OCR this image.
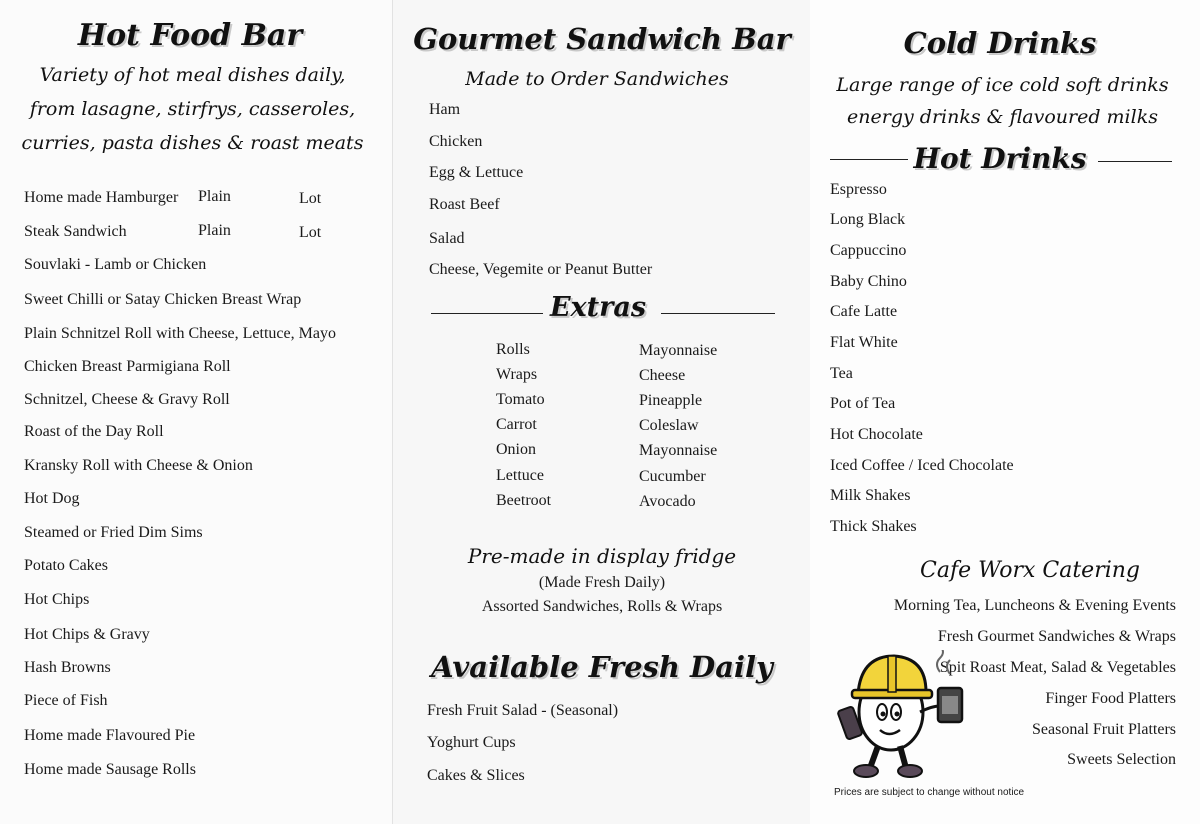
Hot Food Bar
Variety of hot meal dishes daily,
from lasagne, stirfrys, casseroles,
curries, pasta dishes & roast meats
Plain	Lot
Plain	Lot
Home made Hamburger
Steak Sandwich
Souvlaki - Lamb or Chicken
Sweet Chilli or Satay Chicken Breast Wrap
Plain Schnitzel Roll with Cheese, Lettuce, Mayo
Chicken Breast Parmigiana Roll
Schnitzel, Cheese & Gravy Roll
Roast of the Day Roll
Kransky Roll with Cheese & Onion
Hot Dog
Steamed or Fried Dim Sims
Potato Cakes
Hot Chips
Hot Chips & Gravy
Hash Browns
Piece of Fish
Home made Flavoured Pie
Home made Sausage Rolls
Gourmet Sandwich Bar
Made to Order Sandwiches
Ham
Chicken
Egg & Lettuce
Roast Beef
Salad
Cheese, Vegemite or Peanut Butter
Extras
Rolls
Wraps
Tomato
Carrot
Onion
Lettuce
Beetroot
Mayonnaise
Cheese
Pineapple
Coleslaw
Mayonnaise
Cucumber
Avocado
Pre-made in display fridge
(Made Fresh Daily)
Assorted Sandwiches, Rolls & Wraps
Available Fresh Daily
Fresh Fruit Salad - (Seasonal)
Yoghurt Cups
Cakes & Slices
Cold Drinks
Large range of ice cold soft drinks
energy drinks & flavoured milks
Hot Drinks
Espresso
Long Black
Cappuccino
Baby Chino
Cafe Latte
Flat White
Tea
Pot of Tea
Hot Chocolate
Iced Coffee / Iced Chocolate
Milk Shakes
Thick Shakes
Cafe Worx Catering
Morning Tea, Luncheons & Evening Events
Fresh Gourmet Sandwiches & Wraps
Spit Roast Meat, Salad & Vegetables
Finger Food Platters
Seasonal Fruit Platters
Sweets Selection
Prices are subject to change without notice
